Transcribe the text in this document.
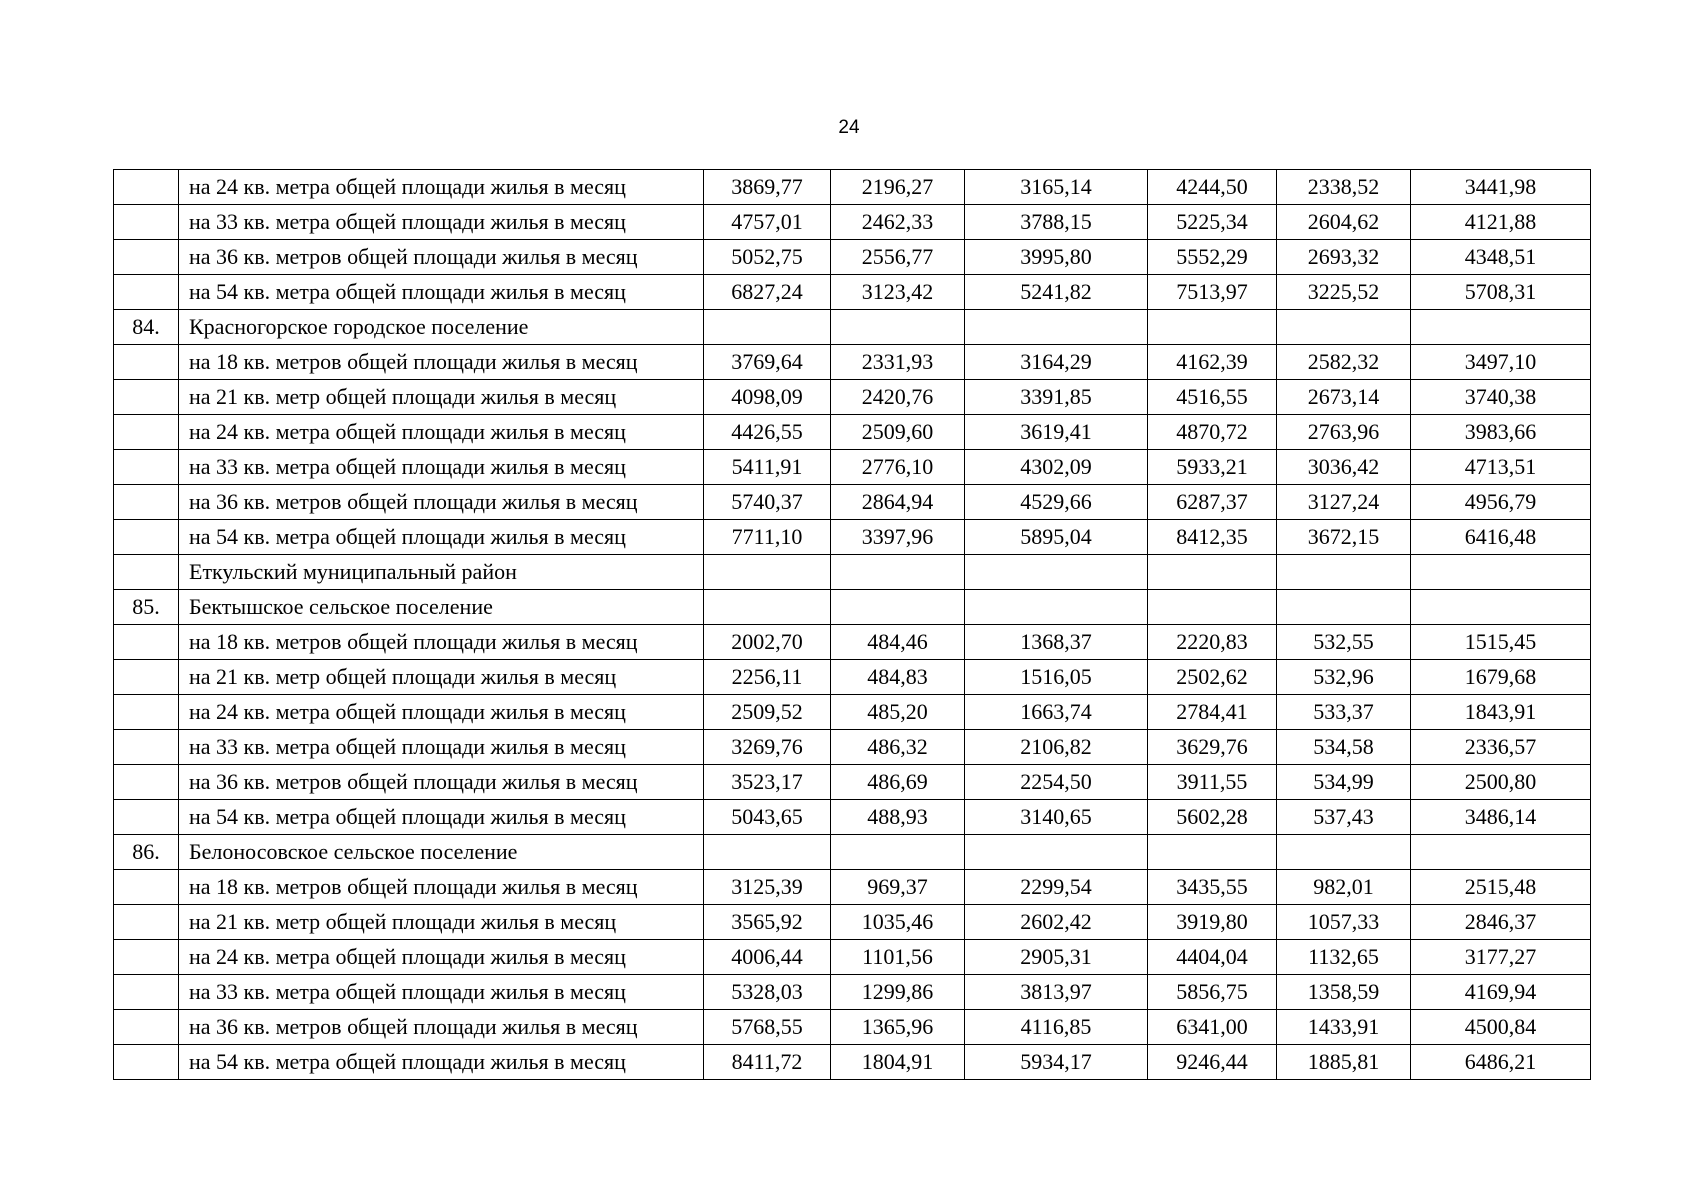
24
	на 24 кв. метра общей площади жилья в месяц	3869,77	2196,27	3165,14	4244,50	2338,52	3441,98
	на 33 кв. метра общей площади жилья в месяц	4757,01	2462,33	3788,15	5225,34	2604,62	4121,88
	на 36 кв. метров общей площади жилья в месяц	5052,75	2556,77	3995,80	5552,29	2693,32	4348,51
	на 54 кв. метра общей площади жилья в месяц	6827,24	3123,42	5241,82	7513,97	3225,52	5708,31
84.	Красногорское городское поселение						
	на 18 кв. метров общей площади жилья в месяц	3769,64	2331,93	3164,29	4162,39	2582,32	3497,10
	на 21 кв. метр общей площади жилья в месяц	4098,09	2420,76	3391,85	4516,55	2673,14	3740,38
	на 24 кв. метра общей площади жилья в месяц	4426,55	2509,60	3619,41	4870,72	2763,96	3983,66
	на 33 кв. метра общей площади жилья в месяц	5411,91	2776,10	4302,09	5933,21	3036,42	4713,51
	на 36 кв. метров общей площади жилья в месяц	5740,37	2864,94	4529,66	6287,37	3127,24	4956,79
	на 54 кв. метра общей площади жилья в месяц	7711,10	3397,96	5895,04	8412,35	3672,15	6416,48
	Еткульский муниципальный район						
85.	Бектышское сельское поселение						
	на 18 кв. метров общей площади жилья в месяц	2002,70	484,46	1368,37	2220,83	532,55	1515,45
	на 21 кв. метр общей площади жилья в месяц	2256,11	484,83	1516,05	2502,62	532,96	1679,68
	на 24 кв. метра общей площади жилья в месяц	2509,52	485,20	1663,74	2784,41	533,37	1843,91
	на 33 кв. метра общей площади жилья в месяц	3269,76	486,32	2106,82	3629,76	534,58	2336,57
	на 36 кв. метров общей площади жилья в месяц	3523,17	486,69	2254,50	3911,55	534,99	2500,80
	на 54 кв. метра общей площади жилья в месяц	5043,65	488,93	3140,65	5602,28	537,43	3486,14
86.	Белоносовское сельское поселение						
	на 18 кв. метров общей площади жилья в месяц	3125,39	969,37	2299,54	3435,55	982,01	2515,48
	на 21 кв. метр общей площади жилья в месяц	3565,92	1035,46	2602,42	3919,80	1057,33	2846,37
	на 24 кв. метра общей площади жилья в месяц	4006,44	1101,56	2905,31	4404,04	1132,65	3177,27
	на 33 кв. метра общей площади жилья в месяц	5328,03	1299,86	3813,97	5856,75	1358,59	4169,94
	на 36 кв. метров общей площади жилья в месяц	5768,55	1365,96	4116,85	6341,00	1433,91	4500,84
	на 54 кв. метра общей площади жилья в месяц	8411,72	1804,91	5934,17	9246,44	1885,81	6486,21
